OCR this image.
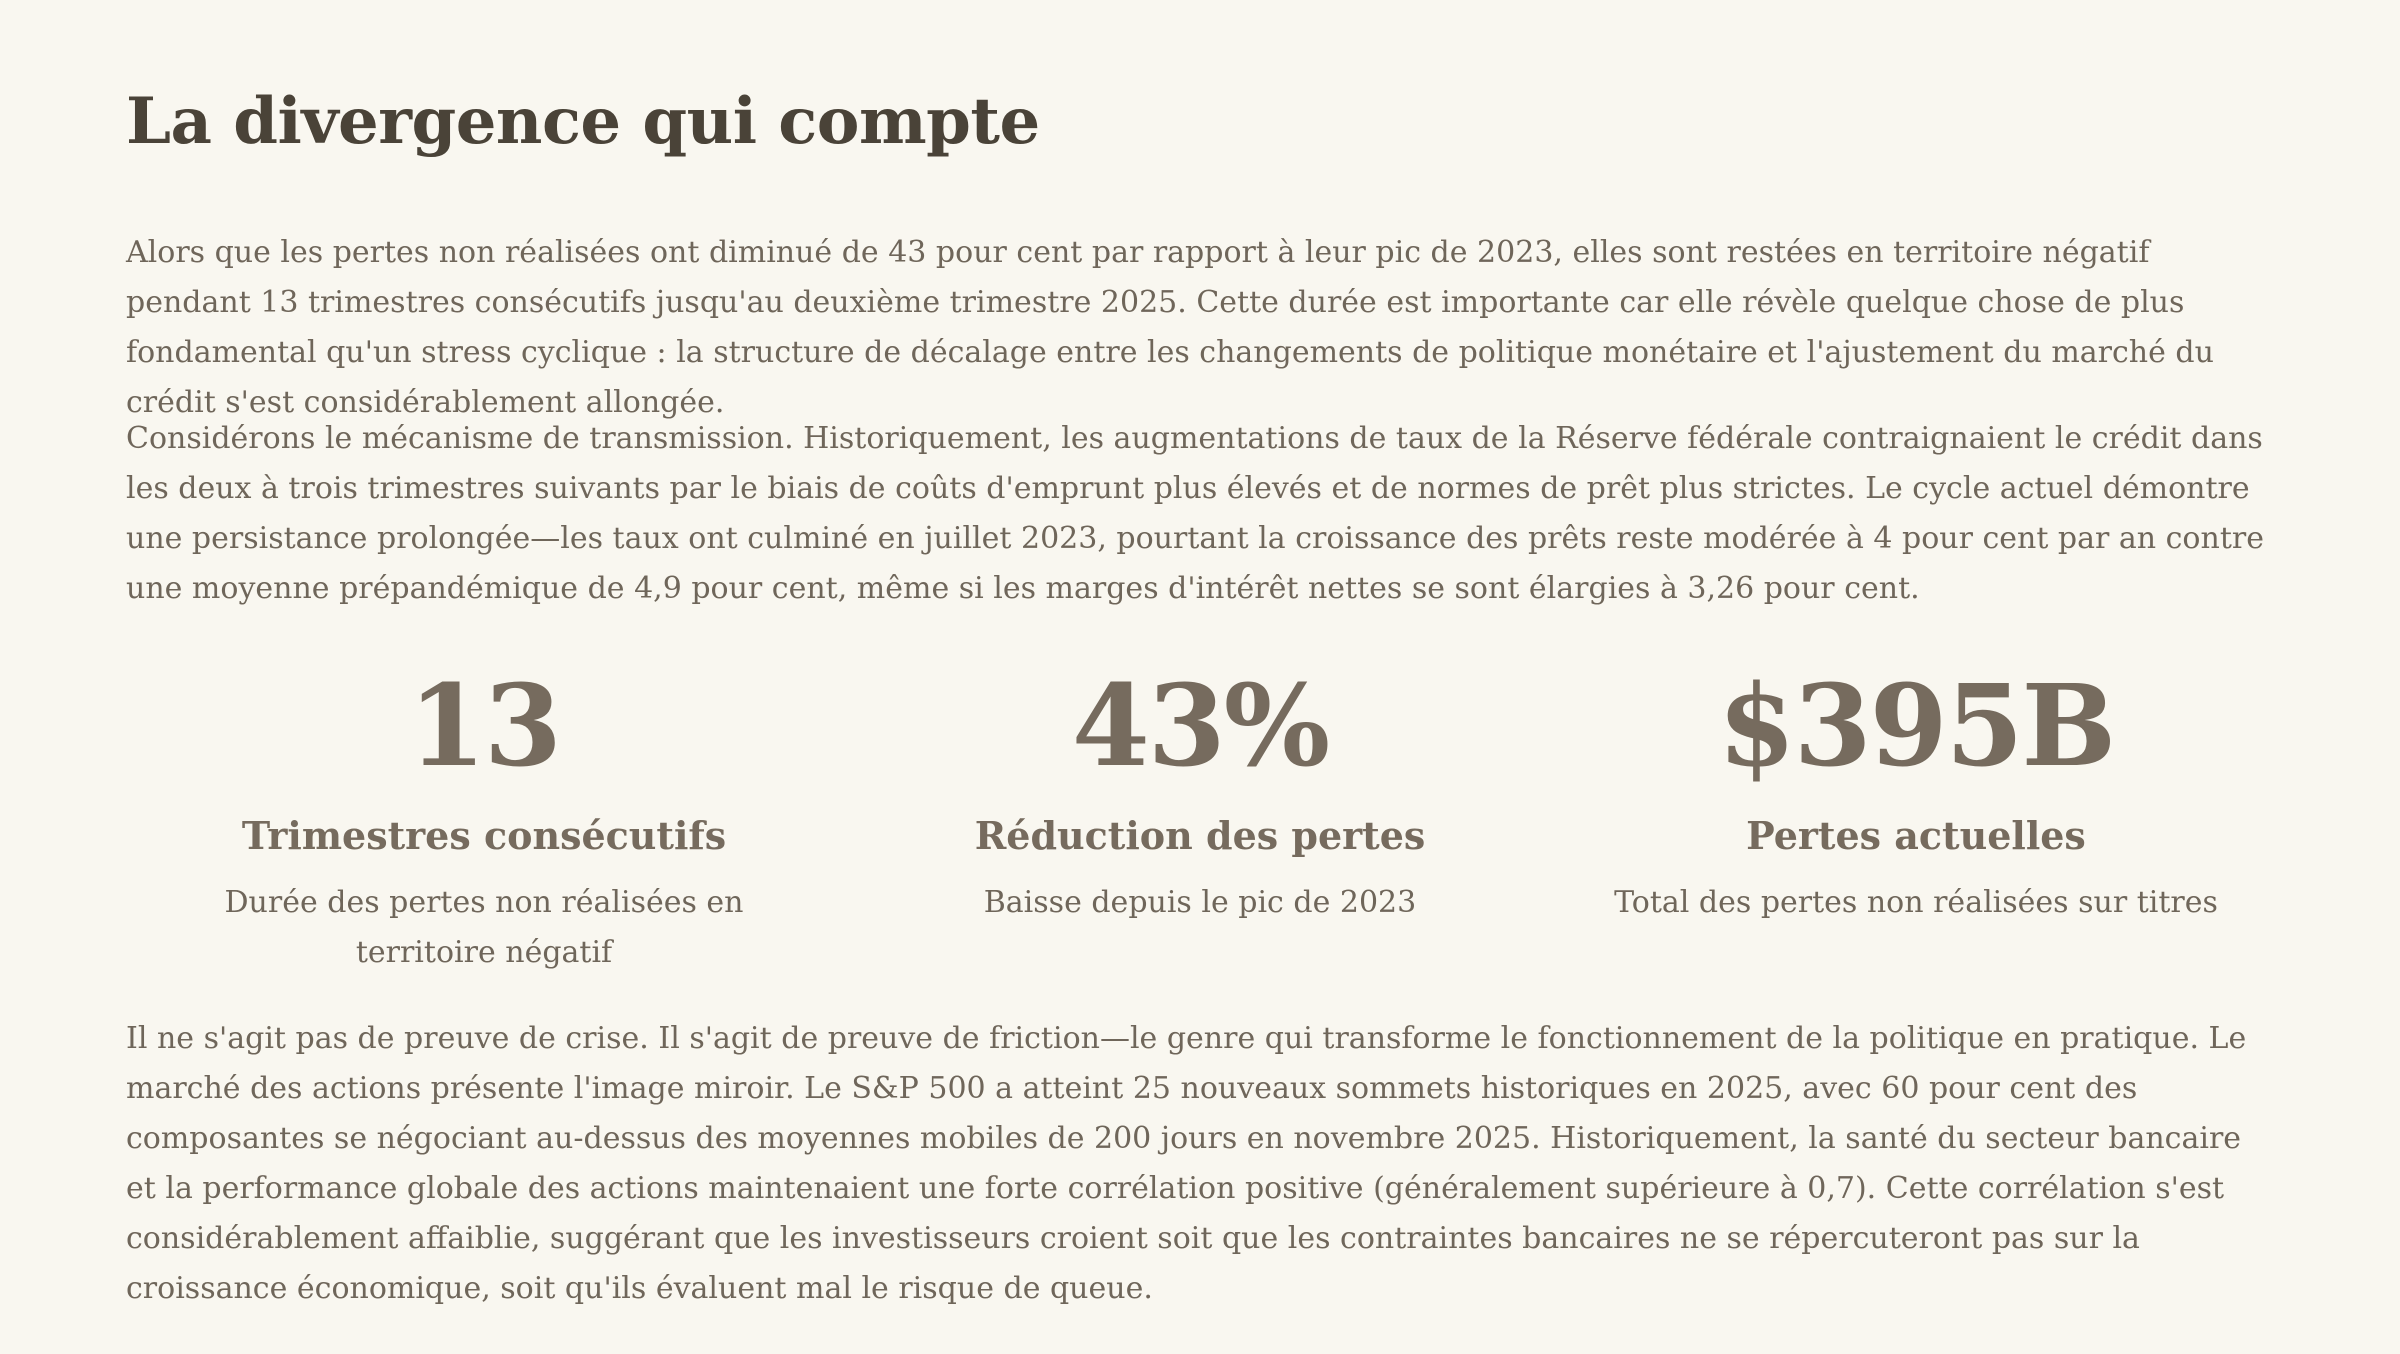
La divergence qui compte

Alors que les pertes non réalisées ont diminué de 43 pour cent par rapport à leur pic de 2023, elles sont restées en territoire négatif pendant 13 trimestres consécutifs jusqu'au deuxième trimestre 2025. Cette durée est importante car elle révèle quelque chose de plus fondamental qu'un stress cyclique : la structure de décalage entre les changements de politique monétaire et l'ajustement du marché du crédit s'est considérablement allongée.

Considérons le mécanisme de transmission. Historiquement, les augmentations de taux de la Réserve fédérale contraignaient le crédit dans les deux à trois trimestres suivants par le biais de coûts d'emprunt plus élevés et de normes de prêt plus strictes. Le cycle actuel démontre une persistance prolongée—les taux ont culminé en juillet 2023, pourtant la croissance des prêts reste modérée à 4 pour cent par an contre une moyenne prépandémique de 4,9 pour cent, même si les marges d'intérêt nettes se sont élargies à 3,26 pour cent.

13
Trimestres consécutifs
Durée des pertes non réalisées en territoire négatif
43%
Réduction des pertes
Baisse depuis le pic de 2023
$395B
Pertes actuelles
Total des pertes non réalisées sur titres

Il ne s'agit pas de preuve de crise. Il s'agit de preuve de friction—le genre qui transforme le fonctionnement de la politique en pratique. Le marché des actions présente l'image miroir. Le S&P 500 a atteint 25 nouveaux sommets historiques en 2025, avec 60 pour cent des composantes se négociant au-dessus des moyennes mobiles de 200 jours en novembre 2025. Historiquement, la santé du secteur bancaire et la performance globale des actions maintenaient une forte corrélation positive (généralement supérieure à 0,7). Cette corrélation s'est considérablement affaiblie, suggérant que les investisseurs croient soit que les contraintes bancaires ne se répercuteront pas sur la croissance économique, soit qu'ils évaluent mal le risque de queue.
